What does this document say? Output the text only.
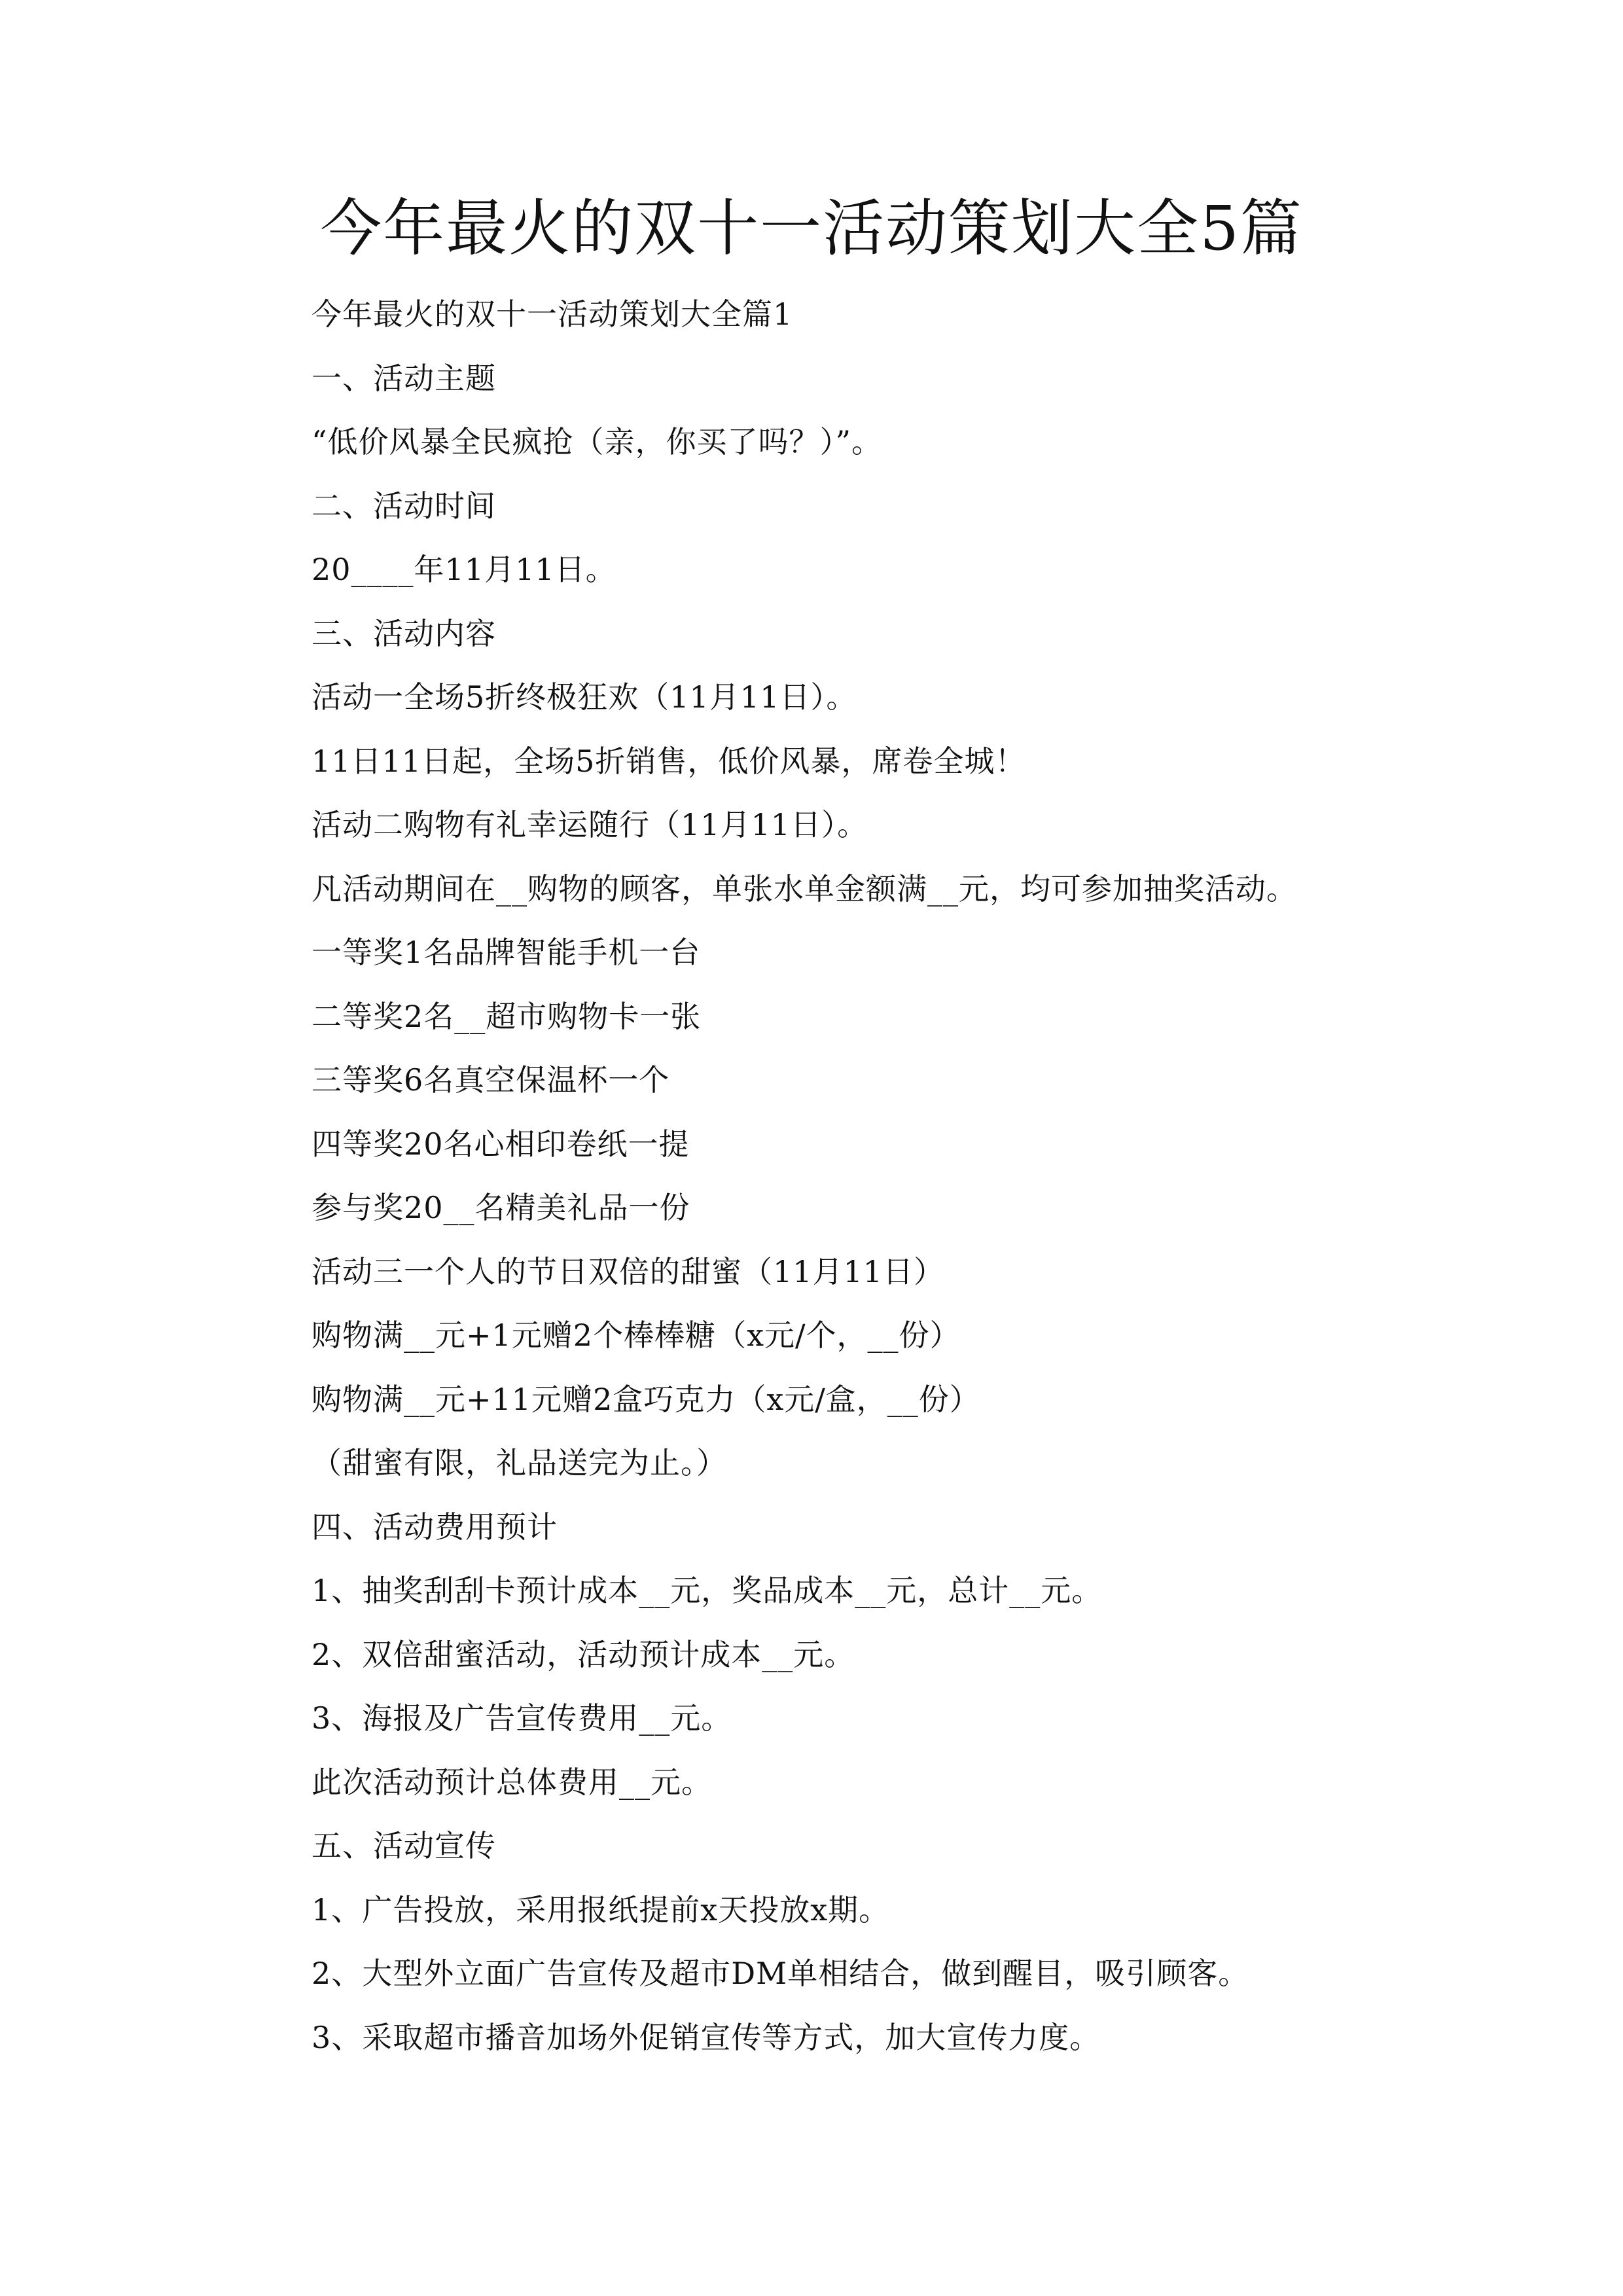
今年最火的双十一活动策划大全5篇
今年最火的双十一活动策划大全篇1
一、活动主题
“低价风暴全民疯抢（亲，你买了吗？）”。
二、活动时间
20____年11月11日。
三、活动内容
活动一全场5折终极狂欢（11月11日）。
11日11日起，全场5折销售，低价风暴，席卷全城！
活动二购物有礼幸运随行（11月11日）。
凡活动期间在__购物的顾客，单张水单金额满__元，均可参加抽奖活动。
一等奖1名品牌智能手机一台
二等奖2名__超市购物卡一张
三等奖6名真空保温杯一个
四等奖20名心相印卷纸一提
参与奖20__名精美礼品一份
活动三一个人的节日双倍的甜蜜（11月11日）
购物满__元+1元赠2个棒棒糖（x元/个，__份）
购物满__元+11元赠2盒巧克力（x元/盒，__份）
（甜蜜有限，礼品送完为止。）
四、活动费用预计
1、抽奖刮刮卡预计成本__元，奖品成本__元，总计__元。
2、双倍甜蜜活动，活动预计成本__元。
3、海报及广告宣传费用__元。
此次活动预计总体费用__元。
五、活动宣传
1、广告投放，采用报纸提前x天投放x期。
2、大型外立面广告宣传及超市DM单相结合，做到醒目，吸引顾客。
3、采取超市播音加场外促销宣传等方式，加大宣传力度。
